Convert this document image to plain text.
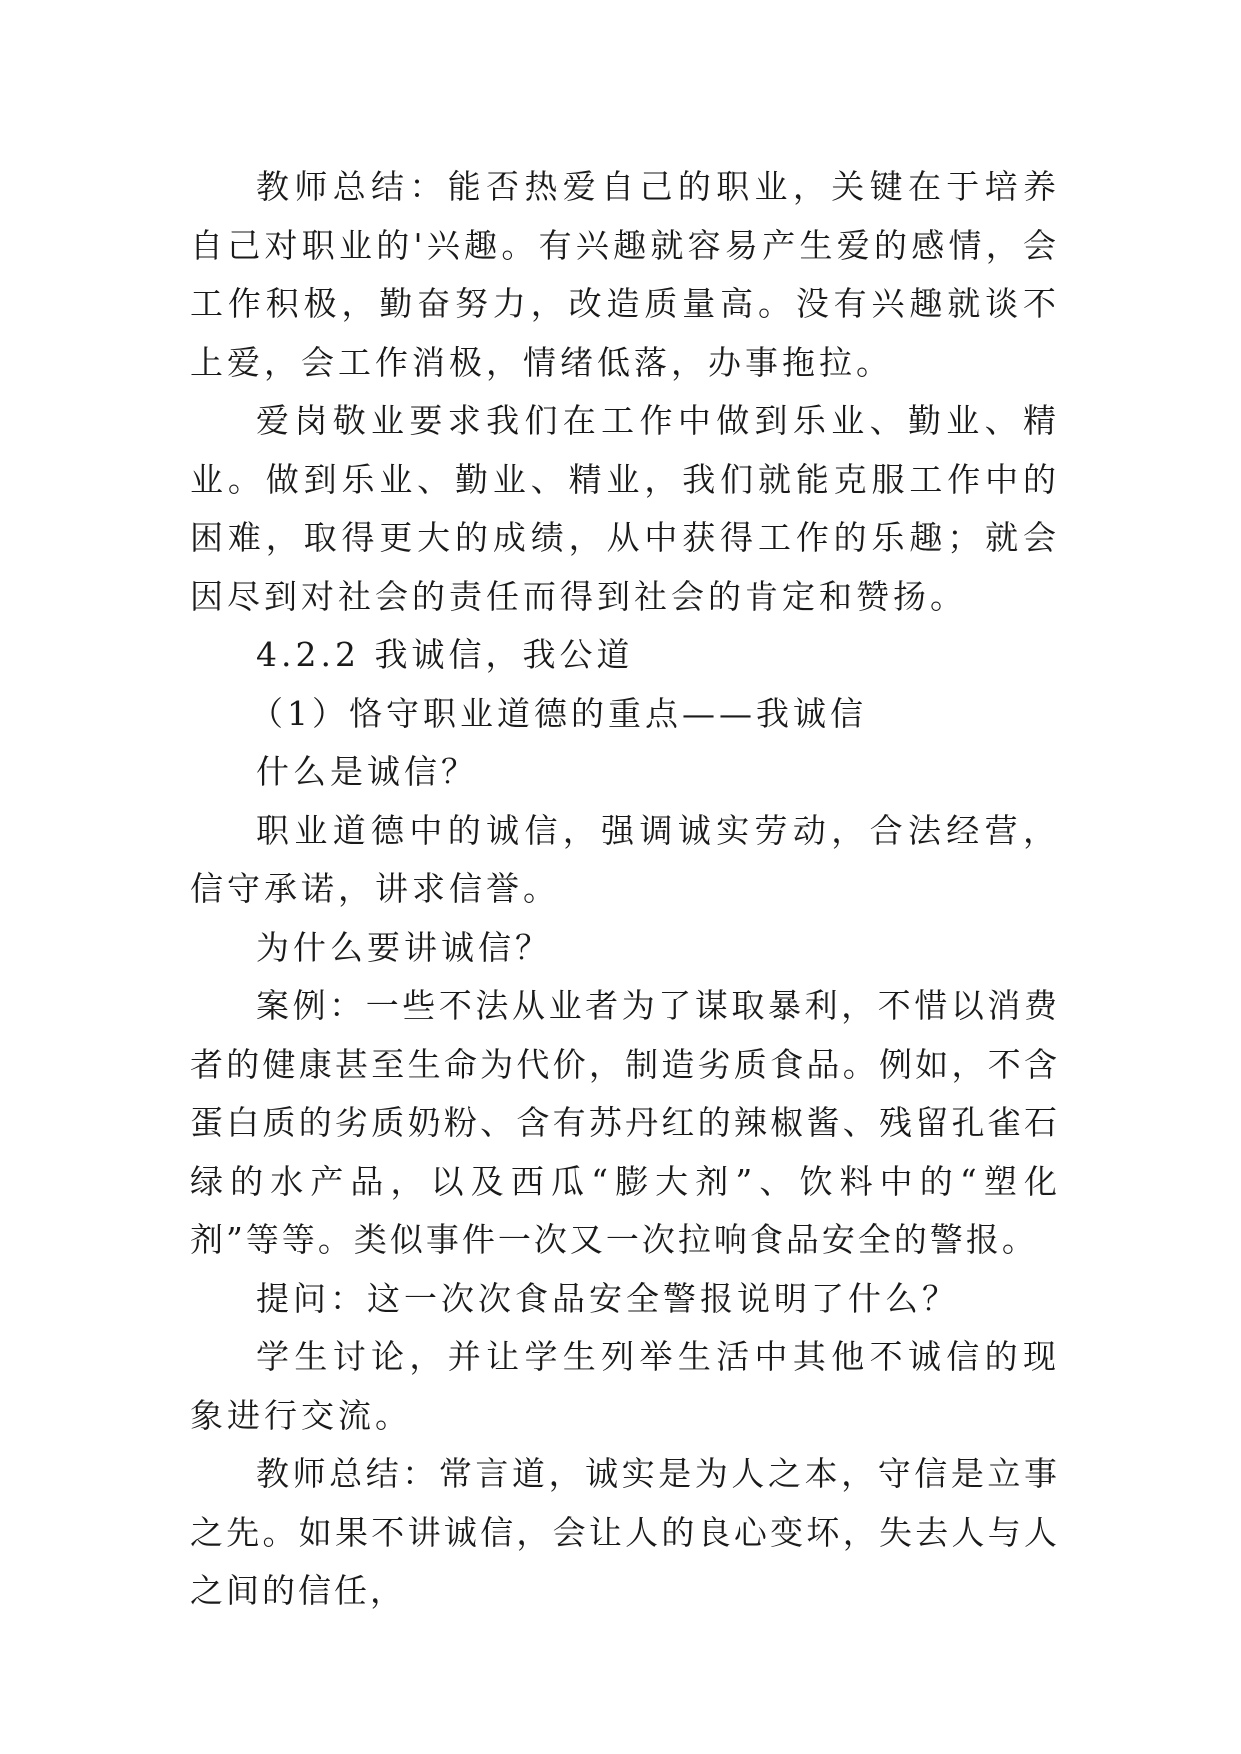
教师总结：能否热爱自己的职业，关键在于培养自己对职业的'兴趣。有兴趣就容易产生爱的感情，会工作积极，勤奋努力，改造质量高。没有兴趣就谈不上爱，会工作消极，情绪低落，办事拖拉。

爱岗敬业要求我们在工作中做到乐业、勤业、精业。做到乐业、勤业、精业，我们就能克服工作中的困难，取得更大的成绩，从中获得工作的乐趣；就会因尽到对社会的责任而得到社会的肯定和赞扬。

4.2.2 我诚信，我公道

（1）恪守职业道德的重点——我诚信

什么是诚信？

职业道德中的诚信，强调诚实劳动，合法经营，信守承诺，讲求信誉。

为什么要讲诚信？

案例：一些不法从业者为了谋取暴利，不惜以消费者的健康甚至生命为代价，制造劣质食品。例如，不含蛋白质的劣质奶粉、含有苏丹红的辣椒酱、残留孔雀石绿的水产品，以及西瓜“膨大剂”、饮料中的“塑化剂”等等。类似事件一次又一次拉响食品安全的警报。

提问：这一次次食品安全警报说明了什么？

学生讨论，并让学生列举生活中其他不诚信的现象进行交流。

教师总结：常言道，诚实是为人之本，守信是立事之先。如果不讲诚信，会让人的良心变坏，失去人与人之间的信任，
